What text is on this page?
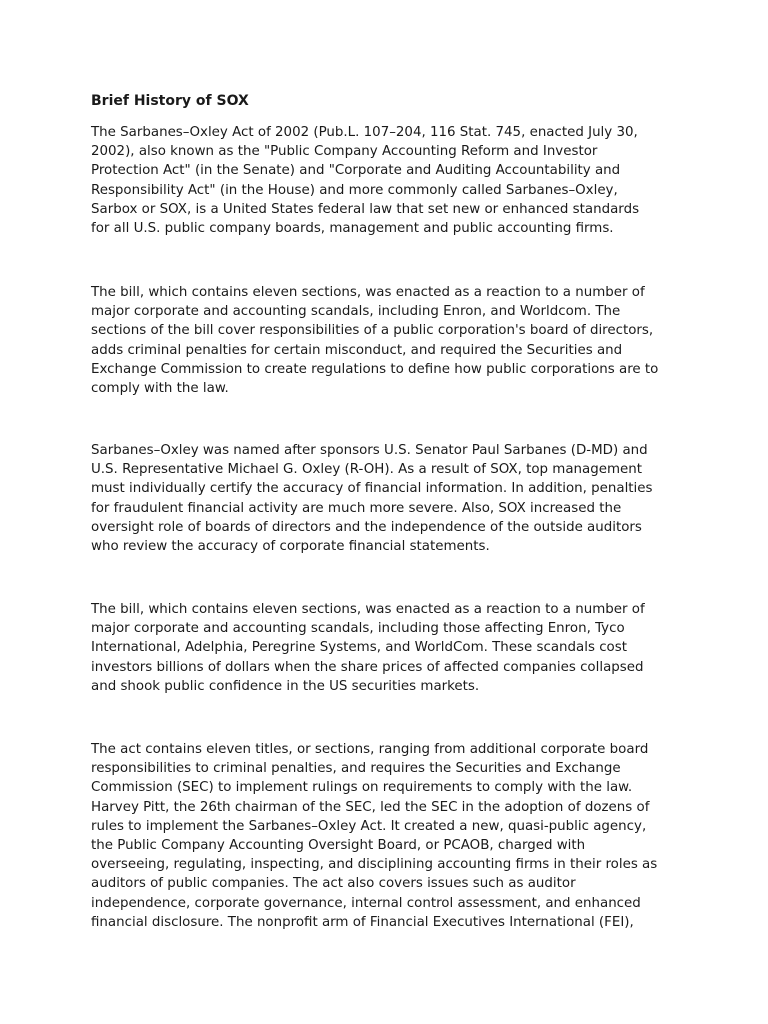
Brief History of SOX

The Sarbanes–Oxley Act of 2002 (Pub.L. 107–204, 116 Stat. 745, enacted July 30,
2002), also known as the "Public Company Accounting Reform and Investor
Protection Act" (in the Senate) and "Corporate and Auditing Accountability and
Responsibility Act" (in the House) and more commonly called Sarbanes–Oxley,
Sarbox or SOX, is a United States federal law that set new or enhanced standards
for all U.S. public company boards, management and public accounting firms.

The bill, which contains eleven sections, was enacted as a reaction to a number of
major corporate and accounting scandals, including Enron, and Worldcom. The
sections of the bill cover responsibilities of a public corporation's board of directors,
adds criminal penalties for certain misconduct, and required the Securities and
Exchange Commission to create regulations to define how public corporations are to
comply with the law.

Sarbanes–Oxley was named after sponsors U.S. Senator Paul Sarbanes (D-MD) and
U.S. Representative Michael G. Oxley (R-OH). As a result of SOX, top management
must individually certify the accuracy of financial information. In addition, penalties
for fraudulent financial activity are much more severe. Also, SOX increased the
oversight role of boards of directors and the independence of the outside auditors
who review the accuracy of corporate financial statements.

The bill, which contains eleven sections, was enacted as a reaction to a number of
major corporate and accounting scandals, including those affecting Enron, Tyco
International, Adelphia, Peregrine Systems, and WorldCom. These scandals cost
investors billions of dollars when the share prices of affected companies collapsed
and shook public confidence in the US securities markets.

The act contains eleven titles, or sections, ranging from additional corporate board
responsibilities to criminal penalties, and requires the Securities and Exchange
Commission (SEC) to implement rulings on requirements to comply with the law.
Harvey Pitt, the 26th chairman of the SEC, led the SEC in the adoption of dozens of
rules to implement the Sarbanes–Oxley Act. It created a new, quasi-public agency,
the Public Company Accounting Oversight Board, or PCAOB, charged with
overseeing, regulating, inspecting, and disciplining accounting firms in their roles as
auditors of public companies. The act also covers issues such as auditor
independence, corporate governance, internal control assessment, and enhanced
financial disclosure. The nonprofit arm of Financial Executives International (FEI),
